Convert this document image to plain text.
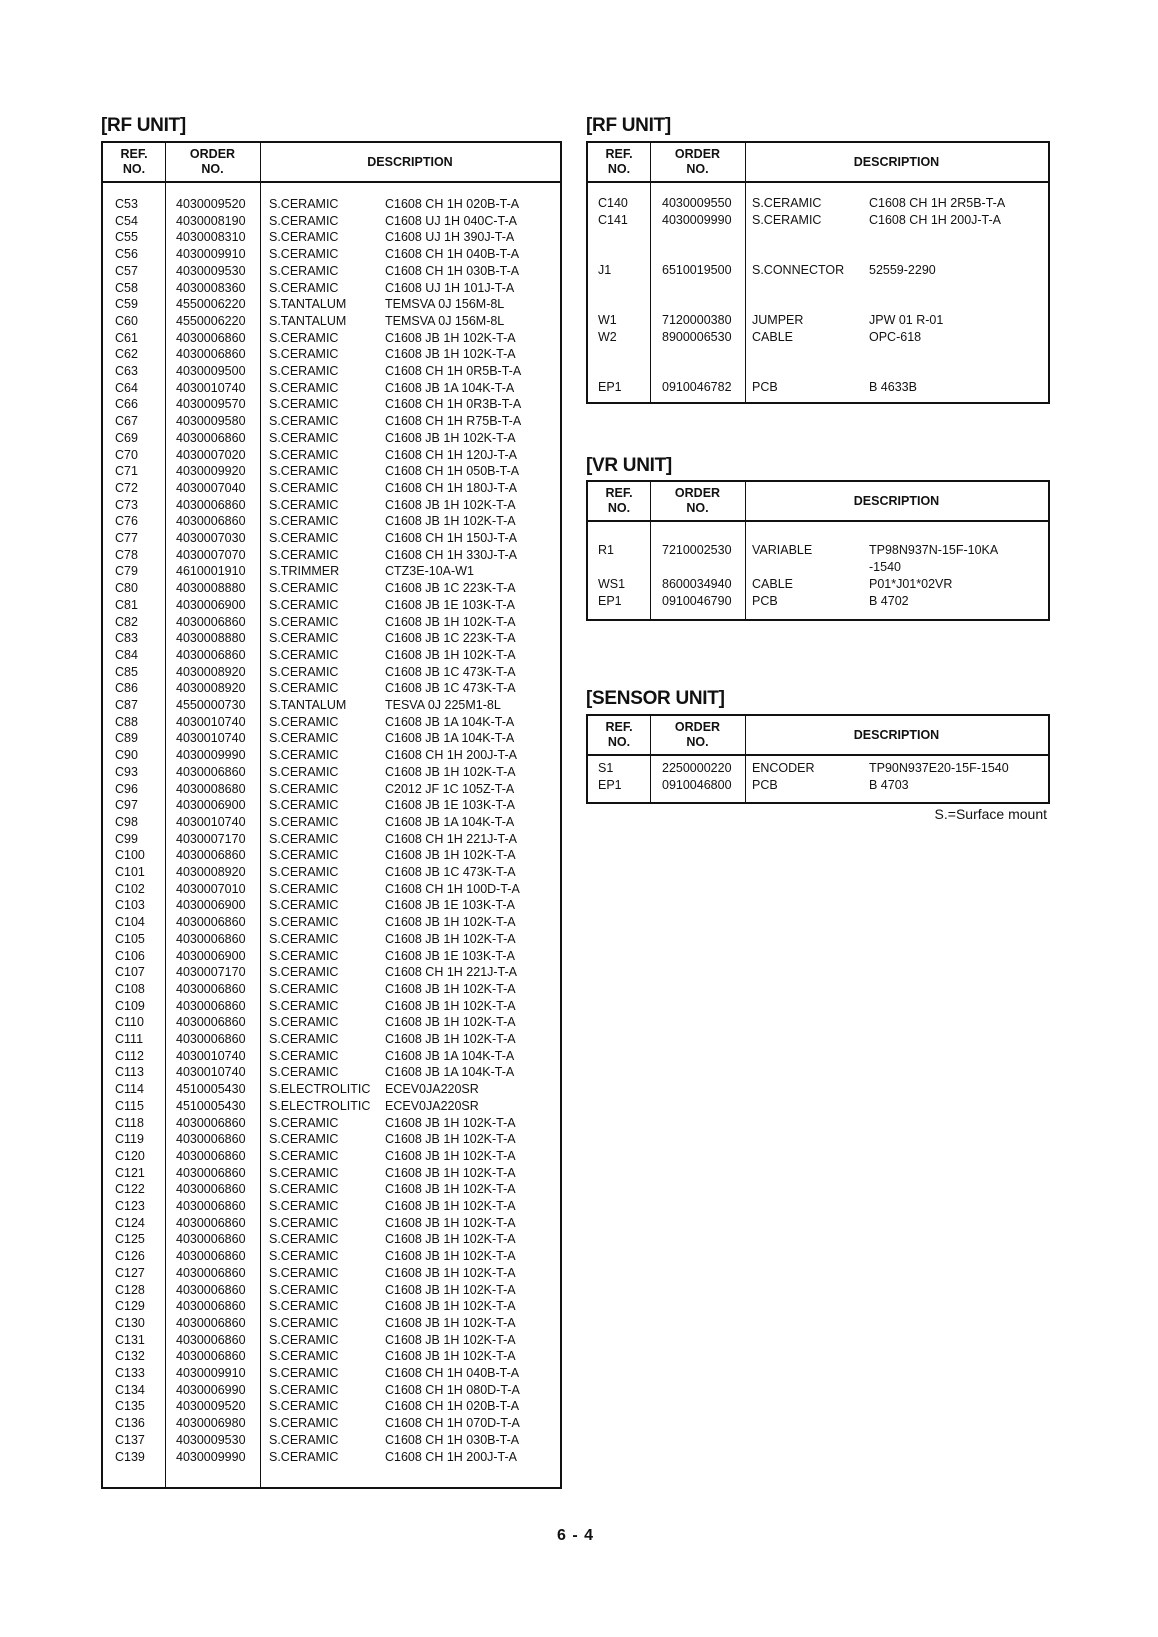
[RF UNIT]
REF.
NO.
ORDER
NO.
DESCRIPTION
C53	4030009520 S.CERAMIC	C1608 CH 1H 020B-T-A
C54	4030008190 S.CERAMIC	C1608 UJ 1H 040C-T-A
C55	4030008310 S.CERAMIC	C1608 UJ 1H 390J-T-A
C56	4030009910 S.CERAMIC	C1608 CH 1H 040B-T-A
C57	4030009530 S.CERAMIC	C1608 CH 1H 030B-T-A
C58	4030008360 S.CERAMIC	C1608 UJ 1H 101J-T-A
C59	4550006220 S.TANTALUM	TEMSVA 0J 156M-8L
C60	4550006220 S.TANTALUM	TEMSVA 0J 156M-8L
C61	4030006860 S.CERAMIC	C1608 JB 1H 102K-T-A
C62	4030006860 S.CERAMIC	C1608 JB 1H 102K-T-A
C63	4030009500 S.CERAMIC	C1608 CH 1H 0R5B-T-A
C64	4030010740 S.CERAMIC	C1608 JB 1A 104K-T-A
C66	4030009570 S.CERAMIC	C1608 CH 1H 0R3B-T-A
C67	4030009580 S.CERAMIC	C1608 CH 1H R75B-T-A
C69	4030006860 S.CERAMIC	C1608 JB 1H 102K-T-A
C70	4030007020 S.CERAMIC	C1608 CH 1H 120J-T-A
C71	4030009920 S.CERAMIC	C1608 CH 1H 050B-T-A
C72	4030007040 S.CERAMIC	C1608 CH 1H 180J-T-A
C73	4030006860 S.CERAMIC	C1608 JB 1H 102K-T-A
C76	4030006860 S.CERAMIC	C1608 JB 1H 102K-T-A
C77	4030007030 S.CERAMIC	C1608 CH 1H 150J-T-A
C78	4030007070 S.CERAMIC	C1608 CH 1H 330J-T-A
C79	4610001910 S.TRIMMER	CTZ3E-10A-W1
C80	4030008880 S.CERAMIC	C1608 JB 1C 223K-T-A
C81	4030006900 S.CERAMIC	C1608 JB 1E 103K-T-A
C82	4030006860 S.CERAMIC	C1608 JB 1H 102K-T-A
C83	4030008880 S.CERAMIC	C1608 JB 1C 223K-T-A
C84	4030006860 S.CERAMIC	C1608 JB 1H 102K-T-A
C85	4030008920 S.CERAMIC	C1608 JB 1C 473K-T-A
C86	4030008920 S.CERAMIC	C1608 JB 1C 473K-T-A
C87	4550000730 S.TANTALUM	TESVA 0J 225M1-8L
C88	4030010740 S.CERAMIC	C1608 JB 1A 104K-T-A
C89	4030010740 S.CERAMIC	C1608 JB 1A 104K-T-A
C90	4030009990 S.CERAMIC	C1608 CH 1H 200J-T-A
C93	4030006860 S.CERAMIC	C1608 JB 1H 102K-T-A
C96	4030008680 S.CERAMIC	C2012 JF 1C 105Z-T-A
C97	4030006900 S.CERAMIC	C1608 JB 1E 103K-T-A
C98	4030010740 S.CERAMIC	C1608 JB 1A 104K-T-A
C99	4030007170 S.CERAMIC	C1608 CH 1H 221J-T-A
C100 4030006860 S.CERAMIC	C1608 JB 1H 102K-T-A
C101 4030008920 S.CERAMIC	C1608 JB 1C 473K-T-A
C102 4030007010 S.CERAMIC	C1608 CH 1H 100D-T-A
C103 4030006900 S.CERAMIC	C1608 JB 1E 103K-T-A
C104 4030006860 S.CERAMIC	C1608 JB 1H 102K-T-A
C105 4030006860 S.CERAMIC	C1608 JB 1H 102K-T-A
C106 4030006900 S.CERAMIC	C1608 JB 1E 103K-T-A
C107 4030007170 S.CERAMIC	C1608 CH 1H 221J-T-A
C108 4030006860 S.CERAMIC	C1608 JB 1H 102K-T-A
C109 4030006860 S.CERAMIC	C1608 JB 1H 102K-T-A
C110	4030006860 S.CERAMIC	C1608 JB 1H 102K-T-A
C111	4030006860 S.CERAMIC	C1608 JB 1H 102K-T-A
C112	4030010740 S.CERAMIC	C1608 JB 1A 104K-T-A
C113	4030010740 S.CERAMIC	C1608 JB 1A 104K-T-A
C114	4510005430 S.ELECTROLITIC ECEV0JA220SR
C115	4510005430 S.ELECTROLITIC ECEV0JA220SR
C118	4030006860 S.CERAMIC	C1608 JB 1H 102K-T-A
C119	4030006860 S.CERAMIC	C1608 JB 1H 102K-T-A
C120 4030006860 S.CERAMIC	C1608 JB 1H 102K-T-A
C121 4030006860 S.CERAMIC	C1608 JB 1H 102K-T-A
C122 4030006860 S.CERAMIC	C1608 JB 1H 102K-T-A
C123 4030006860 S.CERAMIC	C1608 JB 1H 102K-T-A
C124 4030006860 S.CERAMIC	C1608 JB 1H 102K-T-A
C125 4030006860 S.CERAMIC	C1608 JB 1H 102K-T-A
C126 4030006860 S.CERAMIC	C1608 JB 1H 102K-T-A
C127 4030006860 S.CERAMIC	C1608 JB 1H 102K-T-A
C128 4030006860 S.CERAMIC	C1608 JB 1H 102K-T-A
C129 4030006860 S.CERAMIC	C1608 JB 1H 102K-T-A
C130 4030006860 S.CERAMIC	C1608 JB 1H 102K-T-A
C131 4030006860 S.CERAMIC	C1608 JB 1H 102K-T-A
C132 4030006860 S.CERAMIC	C1608 JB 1H 102K-T-A
C133 4030009910 S.CERAMIC	C1608 CH 1H 040B-T-A
C134 4030006990 S.CERAMIC	C1608 CH 1H 080D-T-A
C135 4030009520 S.CERAMIC	C1608 CH 1H 020B-T-A
C136 4030006980 S.CERAMIC	C1608 CH 1H 070D-T-A
C137 4030009530 S.CERAMIC	C1608 CH 1H 030B-T-A
C139 4030009990 S.CERAMIC	C1608 CH 1H 200J-T-A
[RF UNIT]
REF.
NO.
ORDER
NO.
DESCRIPTION
C140	4030009550 S.CERAMIC	C1608 CH 1H 2R5B-T-A
C141	4030009990 S.CERAMIC	C1608 CH 1H 200J-T-A
J1	6510019500 S.CONNECTOR 52559-2290
W1	7120000380 JUMPER	JPW 01 R-01
W2	8900006530 CABLE	OPC-618
EP1	0910046782 PCB	B 4633B
[VR UNIT]
REF.
NO.
ORDER
NO.
DESCRIPTION
R1	7210002530 VARIABLE	TP98N937N-15F-10KA
-1540
WS1	8600034940 CABLE	P01*J01*02VR
EP1	0910046790 PCB	B 4702
[SENSOR UNIT]
REF.
NO.
ORDER
NO.
DESCRIPTION
S1	2250000220 ENCODER	TP90N937E20-15F-1540
EP1	0910046800 PCB	B 4703
S.=Surface mount
6 - 4
